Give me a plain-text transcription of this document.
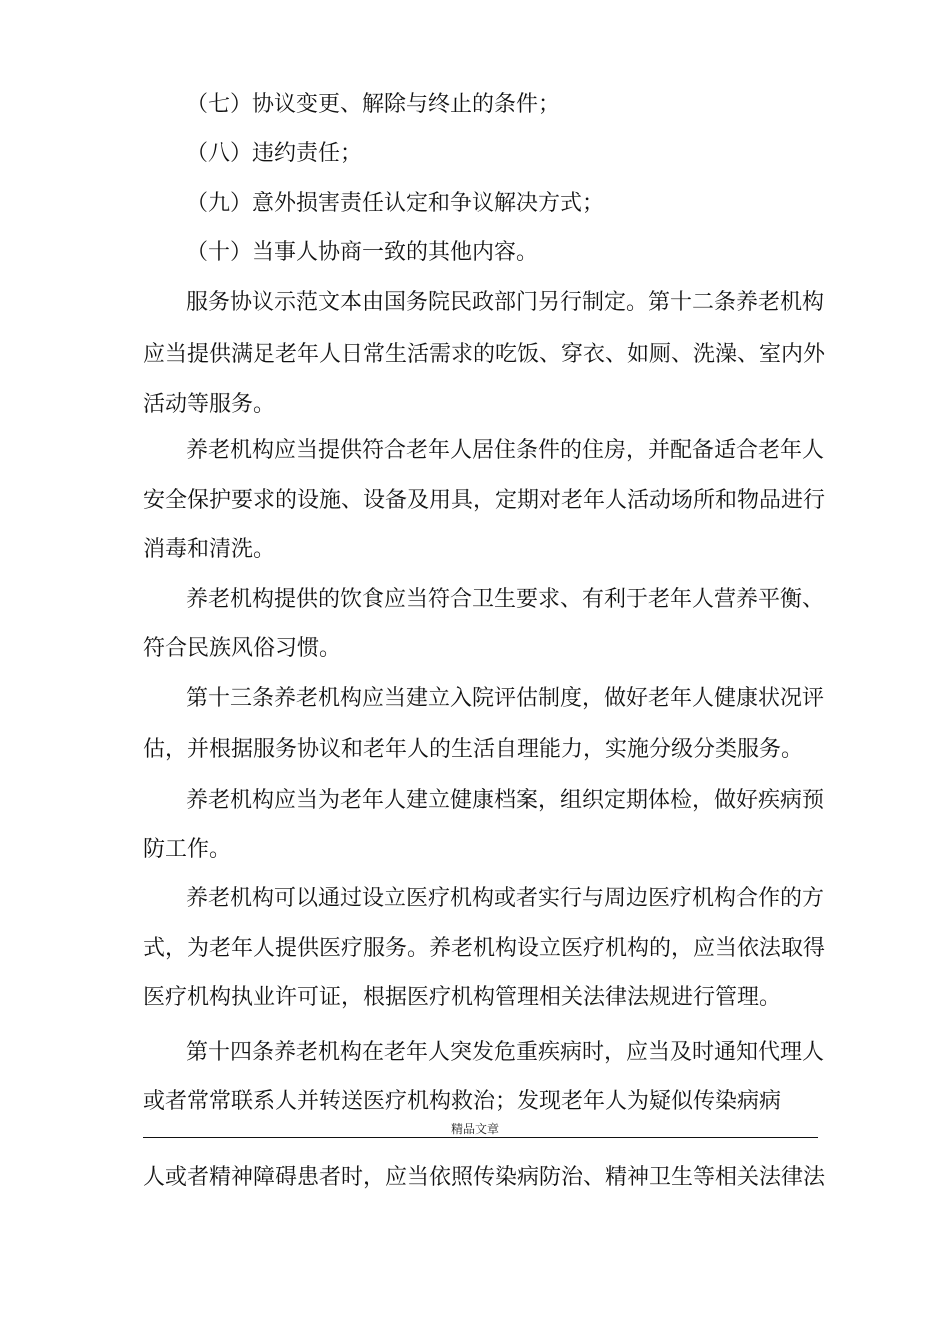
（七）协议变更、解除与终止的条件；
（八）违约责任；
（九）意外损害责任认定和争议解决方式；
（十）当事人协商一致的其他内容。
服务协议示范文本由国务院民政部门另行制定。第十二条养老机构
应当提供满足老年人日常生活需求的吃饭、穿衣、如厕、洗澡、室内外
活动等服务。
养老机构应当提供符合老年人居住条件的住房，并配备适合老年人
安全保护要求的设施、设备及用具，定期对老年人活动场所和物品进行
消毒和清洗。
养老机构提供的饮食应当符合卫生要求、有利于老年人营养平衡、
符合民族风俗习惯。
第十三条养老机构应当建立入院评估制度，做好老年人健康状况评
估，并根据服务协议和老年人的生活自理能力，实施分级分类服务。
养老机构应当为老年人建立健康档案，组织定期体检，做好疾病预
防工作。
养老机构可以通过设立医疗机构或者实行与周边医疗机构合作的方
式，为老年人提供医疗服务。养老机构设立医疗机构的，应当依法取得
医疗机构执业许可证，根据医疗机构管理相关法律法规进行管理。
第十四条养老机构在老年人突发危重疾病时，应当及时通知代理人
或者常常联系人并转送医疗机构救治；发现老年人为疑似传染病病
精品文章
人或者精神障碍患者时，应当依照传染病防治、精神卫生等相关法律法
